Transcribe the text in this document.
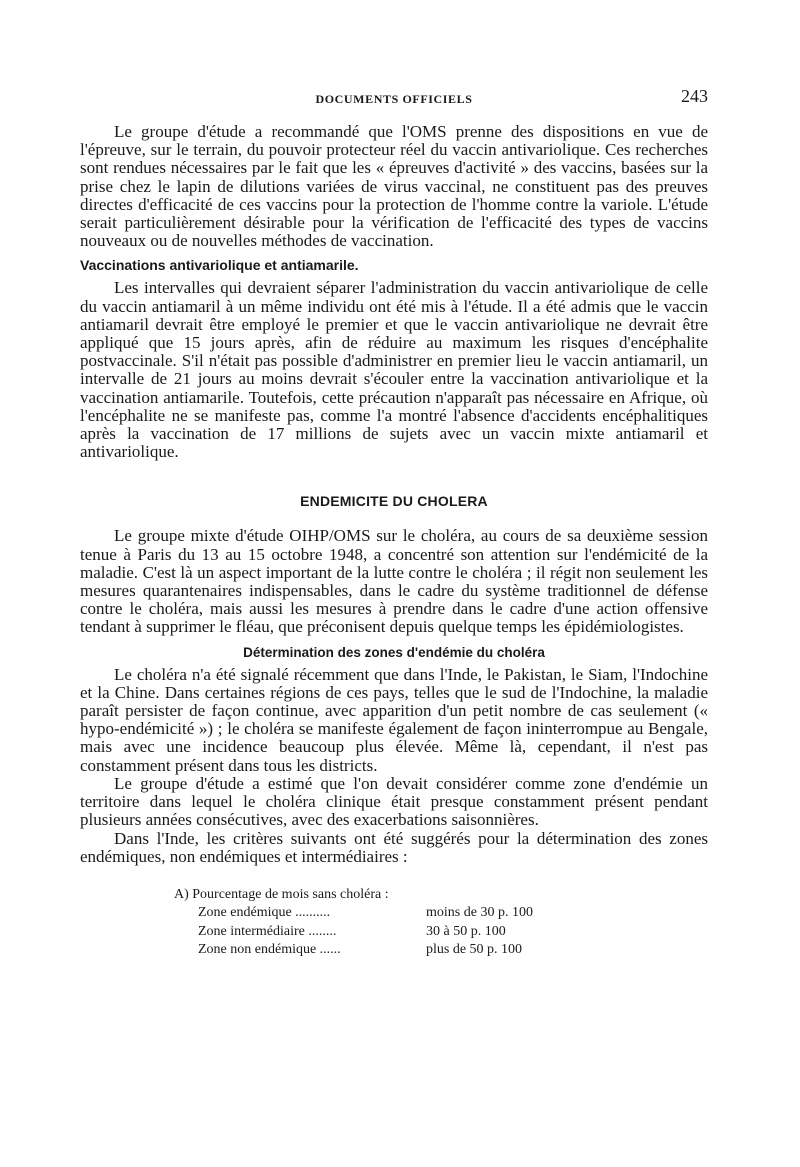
DOCUMENTS OFFICIELS	243

Le groupe d'étude a recommandé que l'OMS prenne des dispositions en vue de l'épreuve, sur le terrain, du pouvoir protecteur réel du vaccin antivariolique. Ces recherches sont rendues nécessaires par le fait que les « épreuves d'activité » des vaccins, basées sur la prise chez le lapin de dilutions variées de virus vaccinal, ne constituent pas des preuves directes d'efficacité de ces vaccins pour la protection de l'homme contre la variole. L'étude serait particulièrement désirable pour la vérification de l'efficacité des types de vaccins nouveaux ou de nouvelles méthodes de vaccination.

Vaccinations antivariolique et antiamarile.

Les intervalles qui devraient séparer l'administration du vaccin antivariolique de celle du vaccin antiamaril à un même individu ont été mis à l'étude. Il a été admis que le vaccin antiamaril devrait être employé le premier et que le vaccin antivariolique ne devrait être appliqué que 15 jours après, afin de réduire au maximum les risques d'encéphalite postvaccinale. S'il n'était pas possible d'administrer en premier lieu le vaccin antiamaril, un intervalle de 21 jours au moins devrait s'écouler entre la vaccination antivariolique et la vaccination antiamarile. Toutefois, cette précaution n'apparaît pas nécessaire en Afrique, où l'encéphalite ne se manifeste pas, comme l'a montré l'absence d'accidents encéphalitiques après la vaccination de 17 millions de sujets avec un vaccin mixte antiamaril et antivariolique.

ENDEMICITE DU CHOLERA

Le groupe mixte d'étude OIHP/OMS sur le choléra, au cours de sa deuxième session tenue à Paris du 13 au 15 octobre 1948, a concentré son attention sur l'endémicité de la maladie. C'est là un aspect important de la lutte contre le choléra ; il régit non seulement les mesures quarantenaires indispensables, dans le cadre du système traditionnel de défense contre le choléra, mais aussi les mesures à prendre dans le cadre d'une action offensive tendant à supprimer le fléau, que préconisent depuis quelque temps les épidémiologistes.

Détermination des zones d'endémie du choléra

Le choléra n'a été signalé récemment que dans l'Inde, le Pakistan, le Siam, l'Indochine et la Chine. Dans certaines régions de ces pays, telles que le sud de l'Indochine, la maladie paraît persister de façon continue, avec apparition d'un petit nombre de cas seulement (« hypo-endémicité ») ; le choléra se manifeste également de façon ininterrompue au Bengale, mais avec une incidence beaucoup plus élevée. Même là, cependant, il n'est pas constamment présent dans tous les districts.

Le groupe d'étude a estimé que l'on devait considérer comme zone d'endémie un territoire dans lequel le choléra clinique était presque constamment présent pendant plusieurs années consécutives, avec des exacerbations saisonnières.

Dans l'Inde, les critères suivants ont été suggérés pour la détermination des zones endémiques, non endémiques et intermédiaires :

A) Pourcentage de mois sans choléra :
Zone endémique ..........	moins de 30 p. 100
Zone intermédiaire ........	30 à 50 p. 100
Zone non endémique ......	plus de 50 p. 100
